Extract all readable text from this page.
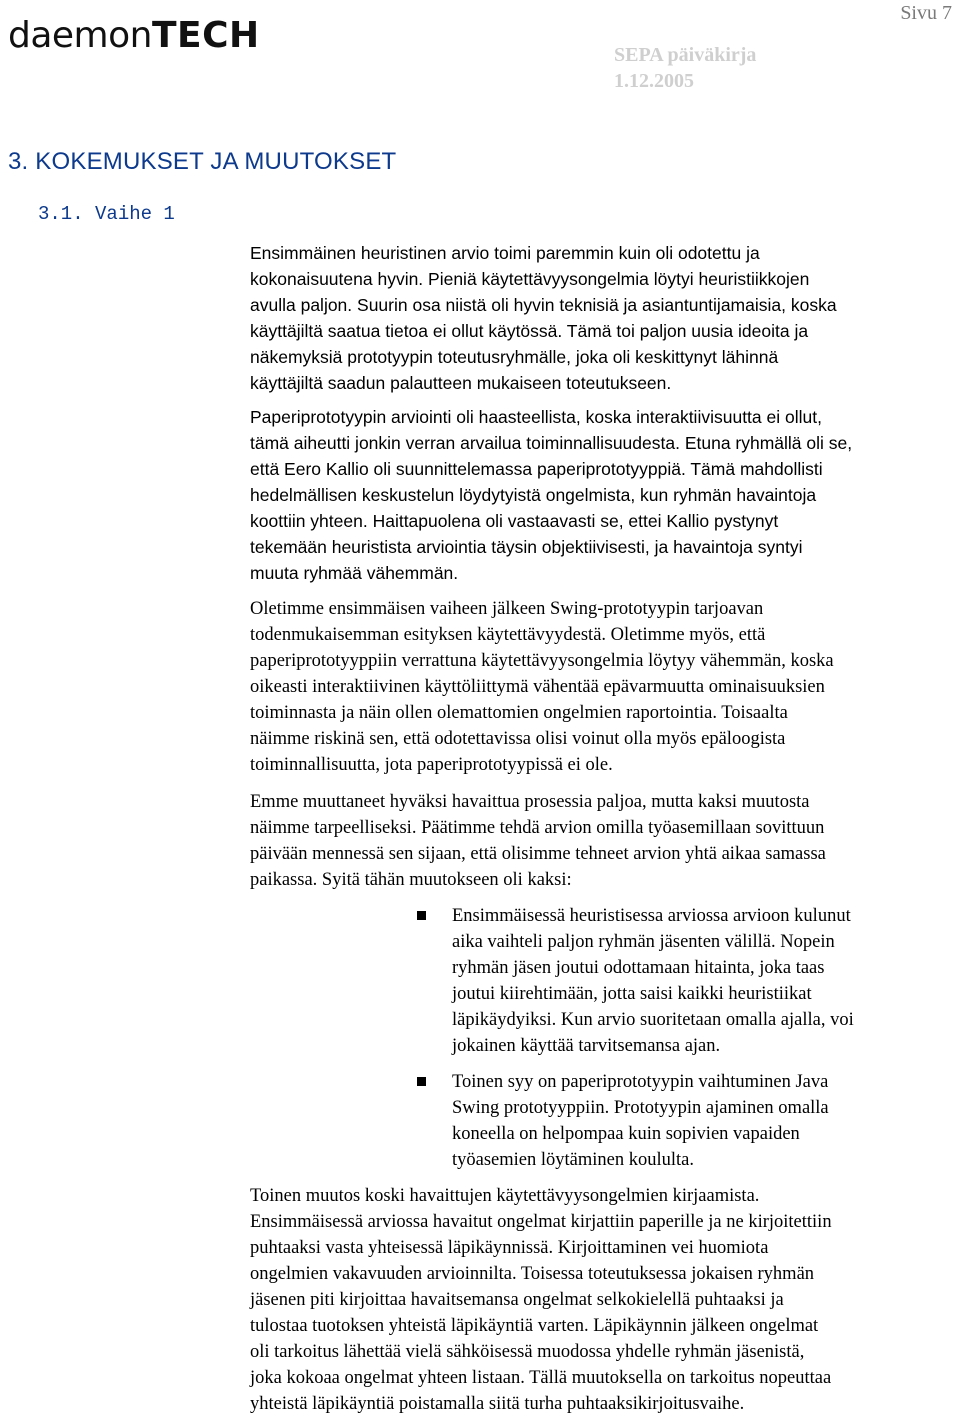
daemonTECH
Sivu 7
SEPA päiväkirja
1.12.2005
3. KOKEMUKSET JA MUUTOKSET
3.1. Vaihe 1

Ensimmäinen heuristinen arvio toimi paremmin kuin oli odotettu ja
kokonaisuutena hyvin. Pieniä käytettävyysongelmia löytyi heuristiikkojen
avulla paljon. Suurin osa niistä oli hyvin teknisiä ja asiantuntijamaisia, koska
käyttäjiltä saatua tietoa ei ollut käytössä. Tämä toi paljon uusia ideoita ja
näkemyksiä prototyypin toteutusryhmälle, joka oli keskittynyt lähinnä
käyttäjiltä saadun palautteen mukaiseen toteutukseen.

Paperiprototyypin arviointi oli haasteellista, koska interaktiivisuutta ei ollut,
tämä aiheutti jonkin verran arvailua toiminnallisuudesta. Etuna ryhmällä oli se,
että Eero Kallio oli suunnittelemassa paperiprototyyppiä. Tämä mahdollisti
hedelmällisen keskustelun löydytyistä ongelmista, kun ryhmän havaintoja
koottiin yhteen. Haittapuolena oli vastaavasti se, ettei Kallio pystynyt
tekemään heuristista arviointia täysin objektiivisesti, ja havaintoja syntyi
muuta ryhmää vähemmän.

Oletimme ensimmäisen vaiheen jälkeen Swing-prototyypin tarjoavan
todenmukaisemman esityksen käytettävyydestä. Oletimme myös, että
paperiprototyyppiin verrattuna käytettävyysongelmia löytyy vähemmän, koska
oikeasti interaktiivinen käyttöliittymä vähentää epävarmuutta ominaisuuksien
toiminnasta ja näin ollen olemattomien ongelmien raportointia. Toisaalta
näimme riskinä sen, että odotettavissa olisi voinut olla myös epäloogista
toiminnallisuutta, jota paperiprototyypissä ei ole.

Emme muuttaneet hyväksi havaittua prosessia paljoa, mutta kaksi muutosta
näimme tarpeelliseksi. Päätimme tehdä arvion omilla työasemillaan sovittuun
päivään mennessä sen sijaan, että olisimme tehneet arvion yhtä aikaa samassa
paikassa. Syitä tähän muutokseen oli kaksi:

Ensimmäisessä heuristisessa arviossa arvioon kulunut
aika vaihteli paljon ryhmän jäsenten välillä. Nopein
ryhmän jäsen joutui odottamaan hitainta, joka taas
joutui kiirehtimään, jotta saisi kaikki heuristiikat
läpikäydyiksi. Kun arvio suoritetaan omalla ajalla, voi
jokainen käyttää tarvitsemansa ajan.
Toinen syy on paperiprototyypin vaihtuminen Java
Swing prototyyppiin. Prototyypin ajaminen omalla
koneella on helpompaa kuin sopivien vapaiden
työasemien löytäminen koululta.

Toinen muutos koski havaittujen käytettävyysongelmien kirjaamista.
Ensimmäisessä arviossa havaitut ongelmat kirjattiin paperille ja ne kirjoitettiin
puhtaaksi vasta yhteisessä läpikäynnissä. Kirjoittaminen vei huomiota
ongelmien vakavuuden arvioinnilta. Toisessa toteutuksessa jokaisen ryhmän
jäsenen piti kirjoittaa havaitsemansa ongelmat selkokielellä puhtaaksi ja
tulostaa tuotoksen yhteistä läpikäyntiä varten. Läpikäynnin jälkeen ongelmat
oli tarkoitus lähettää vielä sähköisessä muodossa yhdelle ryhmän jäsenistä,
joka kokoaa ongelmat yhteen listaan. Tällä muutoksella on tarkoitus nopeuttaa
yhteistä läpikäyntiä poistamalla siitä turha puhtaaksikirjoitusvaihe.
